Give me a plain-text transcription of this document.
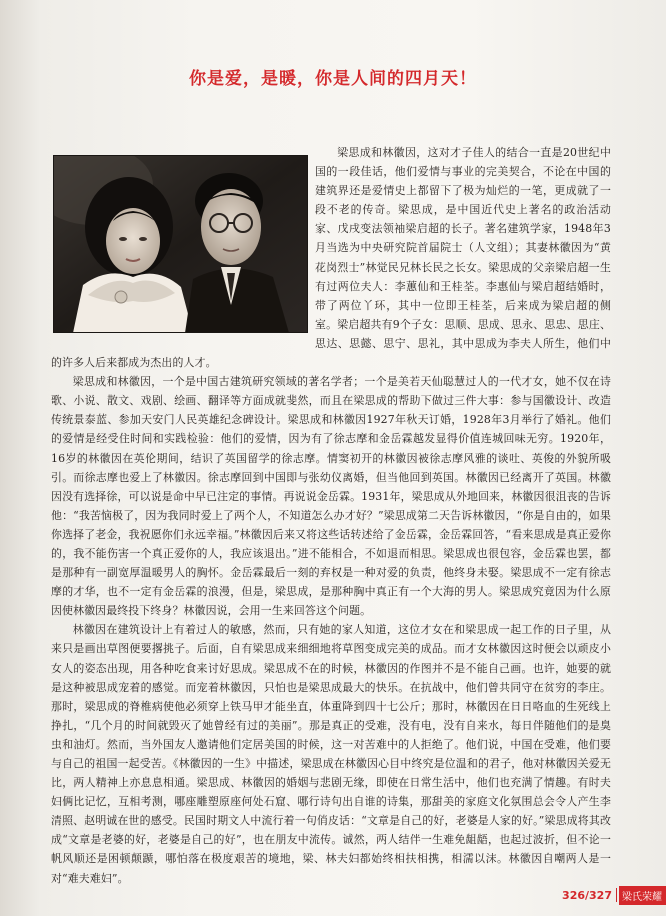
你是爱，是暖，你是人间的四月天！

梁思成和林徽因，这对才子佳人的结合一直是20世纪中国的一段佳话，他们爱情与事业的完美契合，不论在中国的建筑界还是爱情史上都留下了极为灿烂的一笔，更成就了一段不老的传奇。梁思成，是中国近代史上著名的政治活动家、戊戌变法领袖梁启超的长子。著名建筑学家，1948年3月当选为中央研究院首届院士（人文组）；其妻林徽因为“黄花岗烈士”林觉民兄林长民之长女。梁思成的父亲梁启超一生有过两位夫人：李蕙仙和王桂荃。李惠仙与梁启超结婚时，带了两位丫环，其中一位即王桂荃，后来成为梁启超的侧室。梁启超共有9个子女：思顺、思成、思永、思忠、思庄、思达、思懿、思宁、思礼，其中思成为李夫人所生，他们中的许多人后来都成为杰出的人才。

梁思成和林徽因，一个是中国古建筑研究领域的著名学者；一个是美若天仙聪慧过人的一代才女，她不仅在诗歌、小说、散文、戏剧、绘画、翻译等方面成就斐然，而且在梁思成的帮助下做过三件大事：参与国徽设计、改造传统景泰蓝、参加天安门人民英雄纪念碑设计。梁思成和林徽因1927年秋天订婚，1928年3月举行了婚礼。他们的爱情是经受住时间和实践检验：他们的爱情，因为有了徐志摩和金岳霖越发显得价值连城回味无穷。1920年，16岁的林徽因在英伦期间，结识了英国留学的徐志摩。情窦初开的林徽因被徐志摩风雅的谈吐、英俊的外貌所吸引。而徐志摩也爱上了林徽因。徐志摩回到中国即与张幼仪离婚，但当他回到英国。林徽因已经离开了英国。林徽因没有选择徐，可以说是命中早已注定的事情。再说说金岳霖。1931年，梁思成从外地回来，林徽因很沮丧的告诉他：“我苦恼极了，因为我同时爱上了两个人，不知道怎么办才好？”梁思成第二天告诉林徽因，“你是自由的，如果你选择了老金，我祝愿你们永远幸福。”林徽因后来又将这些话转述给了金岳霖，金岳霖回答，“看来思成是真正爱你的，我不能伤害一个真正爱你的人，我应该退出。”进不能相合，不如退而相思。梁思成也很包容，金岳霖也罢，都是那种有一副宽厚温暖男人的胸怀。金岳霖最后一刻的弃权是一种对爱的负责，他终身未娶。梁思成不一定有徐志摩的才华，也不一定有金岳霖的浪漫，但是，梁思成，是那种胸中真正有一个大海的男人。梁思成究竟因为什么原因使林徽因最终投下终身？林徽因说，会用一生来回答这个问题。

林徽因在建筑设计上有着过人的敏感，然而，只有她的家人知道，这位才女在和梁思成一起工作的日子里，从来只是画出草图便要撂挑子。后面，自有梁思成来细细地将草图变成完美的成品。而才女林徽因这时便会以顽皮小女人的姿态出现，用各种吃食来讨好思成。梁思成不在的时候，林徽因的作图并不是不能自己画。也许，她要的就是这种被思成宠着的感觉。而宠着林徽因，只怕也是梁思成最大的快乐。在抗战中，他们曾共同守在贫穷的李庄。那时，梁思成的脊椎病使他必须穿上铁马甲才能坐直，体重降到四十七公斤；那时，林徽因在日日咯血的生死线上挣扎，“几个月的时间就毁灭了她曾经有过的美丽”。那是真正的受难，没有电，没有自来水，每日伴随他们的是臭虫和油灯。然而，当外国友人邀请他们定居美国的时候，这一对苦难中的人拒绝了。他们说，中国在受难，他们要与自己的祖国一起受苦。《林徽因的一生》中描述，梁思成在林徽因心目中终究是位温和的君子，他对林徽因关爱无比，两人精神上亦息息相通。梁思成、林徽因的婚姻与悲剧无缘，即使在日常生活中，他们也充满了情趣。有时夫妇俩比记忆，互相考测，哪座雕塑原座何处石窟、哪行诗句出自谁的诗集，那甜美的家庭文化氛围总会令人产生李清照、赵明诚在世的感受。民国时期文人中流行着一句俏皮话：“文章是自己的好，老婆是人家的好。”梁思成将其改成“文章是老婆的好，老婆是自己的好”，也在朋友中流传。诚然，两人结伴一生难免龃龉，也起过波折，但不论一帆风顺还是困顿颠踬，哪怕落在极度艰苦的境地，梁、林夫妇都始终相扶相携，相濡以沫。林徽因自嘲两人是一对“难夫难妇”。

326/327	梁氏荣耀
